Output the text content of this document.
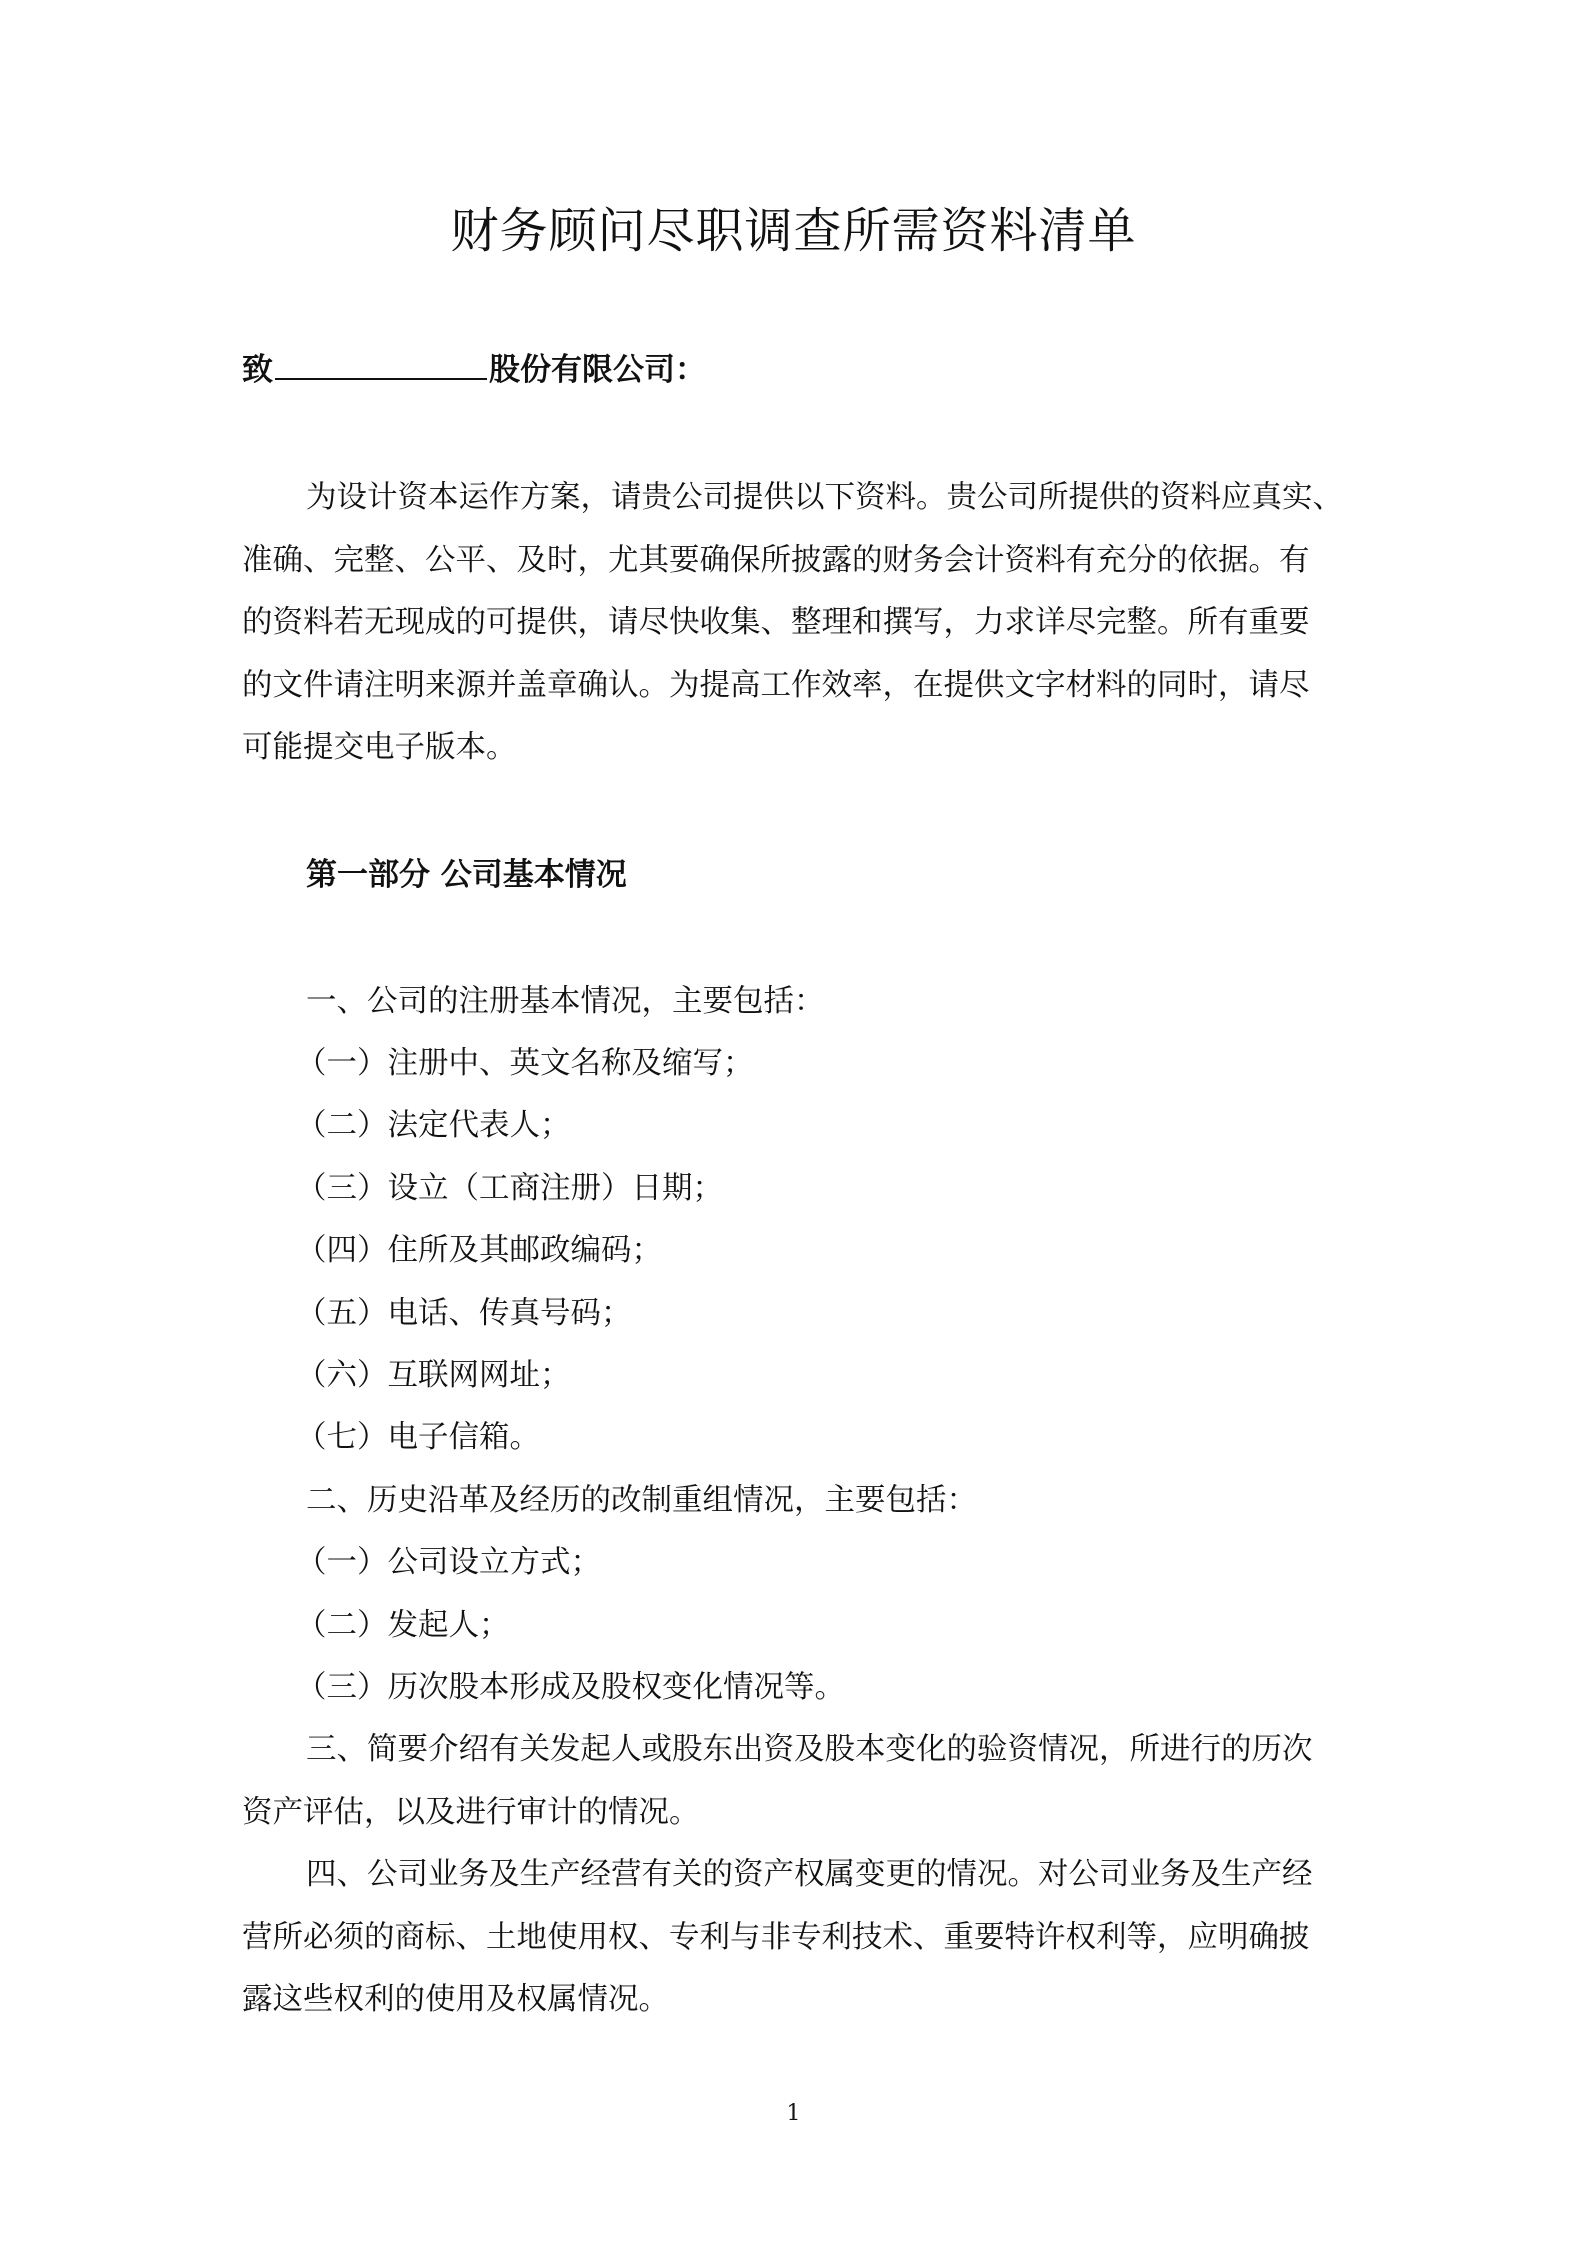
财务顾问尽职调查所需资料清单
致	股份有限公司：

为设计资本运作方案，请贵公司提供以下资料。贵公司所提供的资料应真实、
准确、完整、公平、及时，尤其要确保所披露的财务会计资料有充分的依据。有
的资料若无现成的可提供，请尽快收集、整理和撰写，力求详尽完整。所有重要
的文件请注明来源并盖章确认。为提高工作效率，在提供文字材料的同时，请尽
可能提交电子版本。

第一部分 公司基本情况

一、公司的注册基本情况，主要包括：

（一）注册中、英文名称及缩写；

（二）法定代表人；

（三）设立（工商注册）日期；

（四）住所及其邮政编码；

（五）电话、传真号码；

（六）互联网网址；

（七）电子信箱。

二、历史沿革及经历的改制重组情况，主要包括：

（一）公司设立方式；

（二）发起人；

（三）历次股本形成及股权变化情况等。

三、简要介绍有关发起人或股东出资及股本变化的验资情况，所进行的历次

资产评估，以及进行审计的情况。

四、公司业务及生产经营有关的资产权属变更的情况。对公司业务及生产经

营所必须的商标、土地使用权、专利与非专利技术、重要特许权利等，应明确披

露这些权利的使用及权属情况。

1
